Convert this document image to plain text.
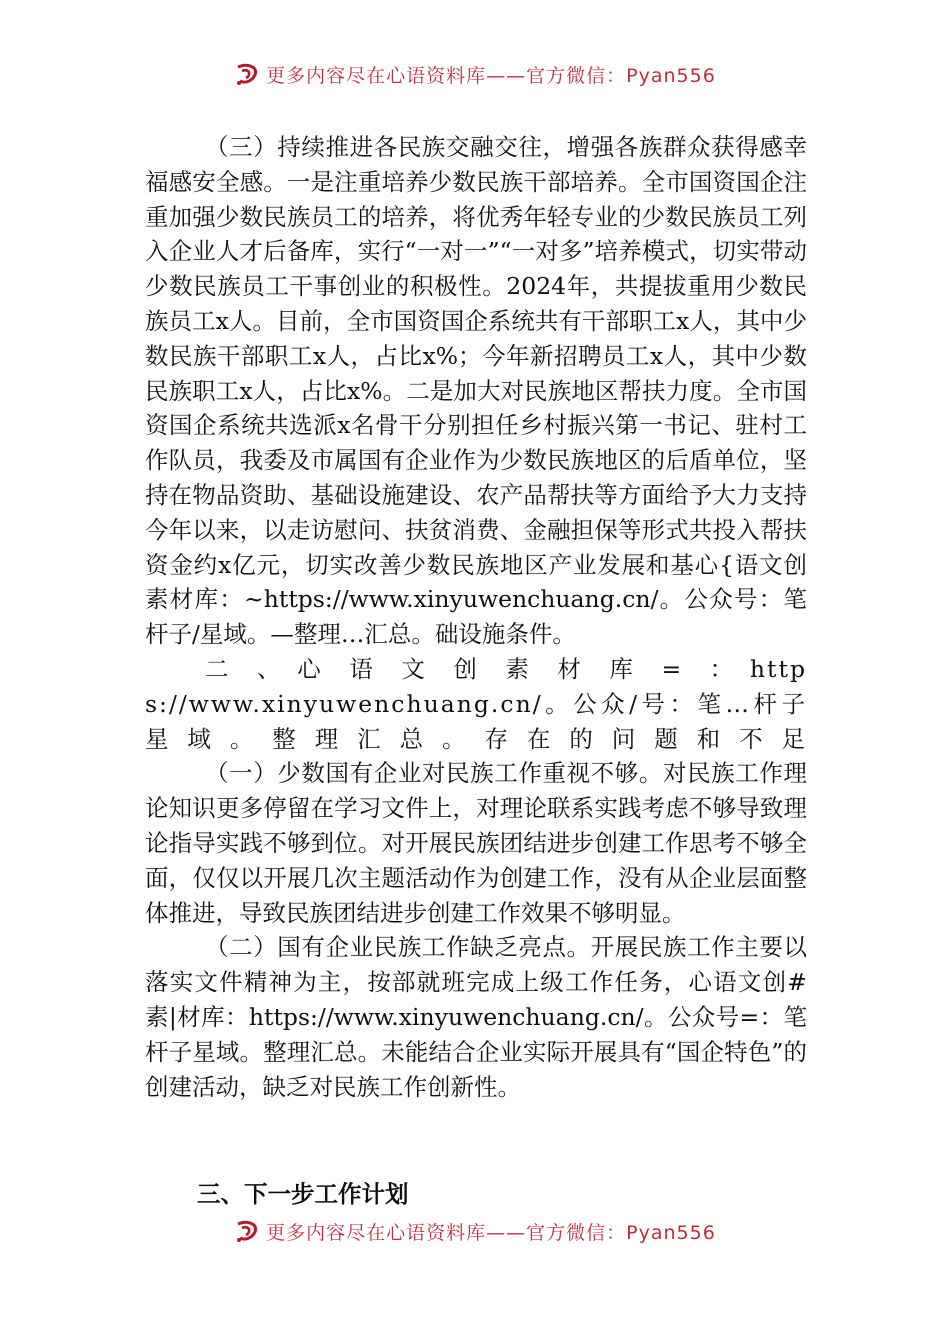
更多内容尽在心语资料库——官方微信：Pyan556

（三）持续推进各民族交融交往，增强各族群众获得感幸福感安全感。一是注重培养少数民族干部培养。全市国资国企注重加强少数民族员工的培养，将优秀年轻专业的少数民族员工列入企业人才后备库，实行“一对一”“一对多”培养模式，切实带动少数民族员工干事创业的积极性。2024年，共提拔重用少数民族员工x人。目前，全市国资国企系统共有干部职工x人，其中少数民族干部职工x人，占比x%；今年新招聘员工x人，其中少数民族职工x人，占比x%。二是加大对民族地区帮扶力度。全市国资国企系统共选派x名骨干分别担任乡村振兴第一书记、驻村工作队员，我委及市属国有企业作为少数民族地区的后盾单位，坚持在物品资助、基础设施建设、农产品帮扶等方面给予大力支持今年以来，以走访慰问、扶贫消费、金融担保等形式共投入帮扶资金约x亿元，切实改善少数民族地区产业发展和基心{语文创素材库：~https://www.xinyuwenchuang.cn/。公众号：笔杆子/星域。—整理…汇总。础设施条件。

二　、　心　语　文　创　素　材　库　=　：　https://www.xinyuwenchuang.cn/。公众/号：笔…杆子星域。整理汇总。存在的问题和不足

（一）少数国有企业对民族工作重视不够。对民族工作理论知识更多停留在学习文件上，对理论联系实践考虑不够导致理论指导实践不够到位。对开展民族团结进步创建工作思考不够全面，仅仅以开展几次主题活动作为创建工作，没有从企业层面整体推进，导致民族团结进步创建工作效果不够明显。

（二）国有企业民族工作缺乏亮点。开展民族工作主要以落实文件精神为主，按部就班完成上级工作任务，心语文创#素|材库：https://www.xinyuwenchuang.cn/。公众号=：笔杆子星域。整理汇总。未能结合企业实际开展具有“国企特色”的创建活动，缺乏对民族工作创新性。

三、下一步工作计划
更多内容尽在心语资料库——官方微信：Pyan556
